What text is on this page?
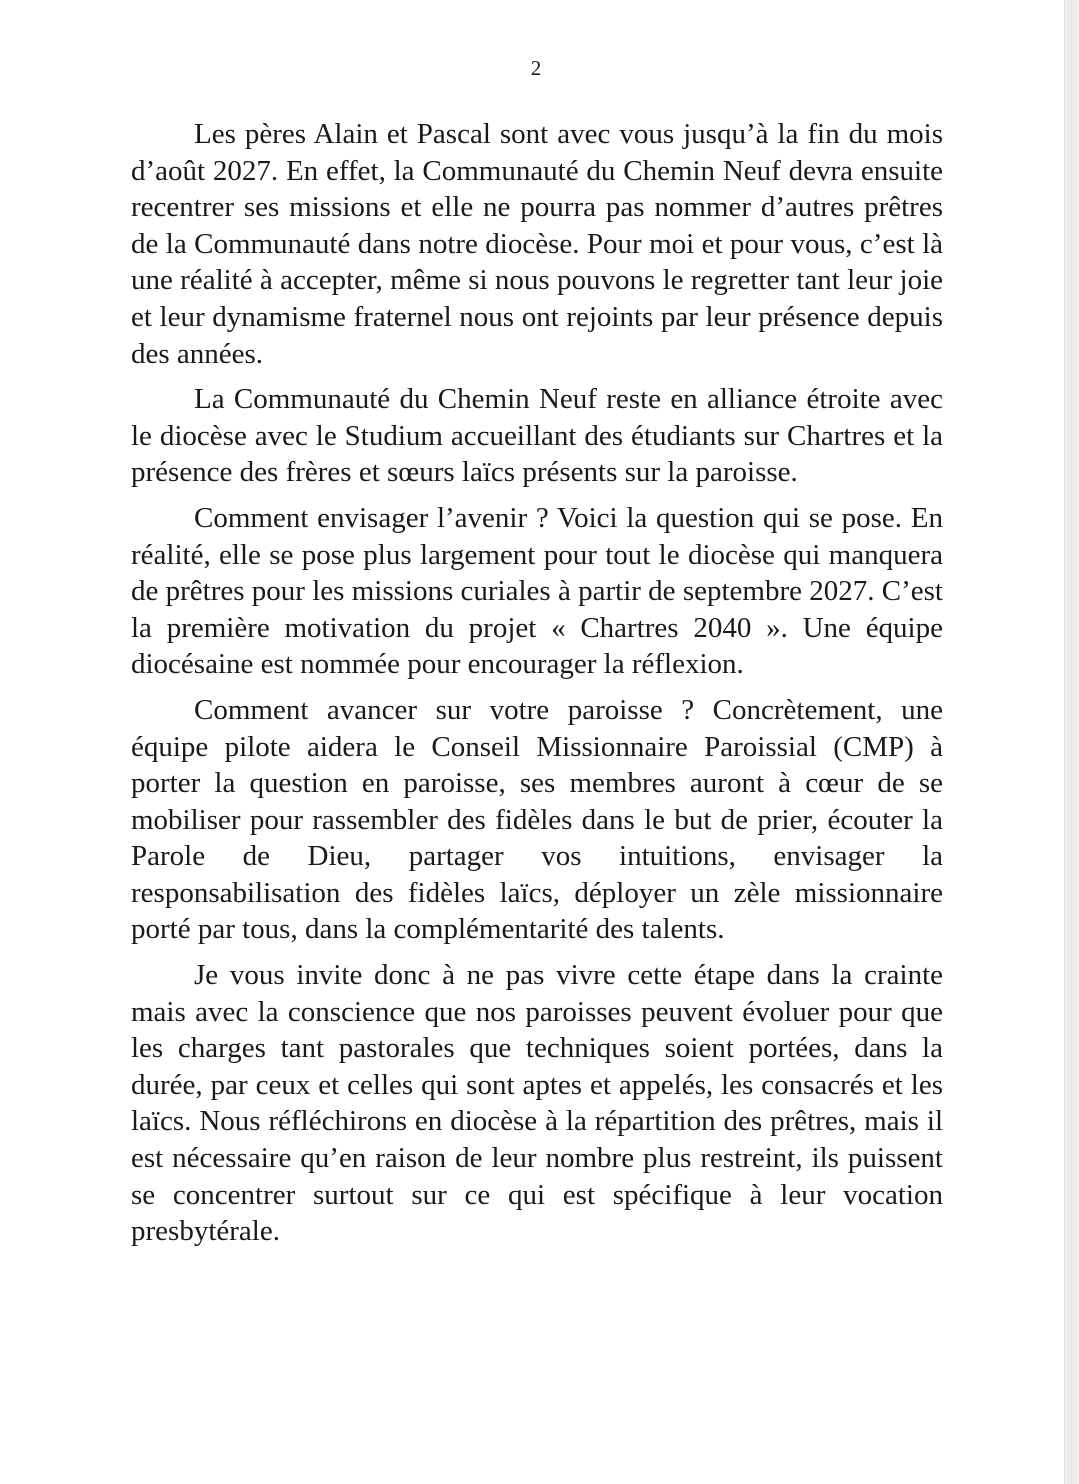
2

Les pères Alain et Pascal sont avec vous jusqu’à la fin du mois d’août 2027. En effet, la Communauté du Chemin Neuf devra ensuite recentrer ses missions et elle ne pourra pas nommer d’autres prêtres de la Communauté dans notre diocèse. Pour moi et pour vous, c’est là une réalité à accepter, même si nous pouvons le regretter tant leur joie et leur dynamisme fraternel nous ont rejoints par leur présence depuis des années.

La Communauté du Chemin Neuf reste en alliance étroite avec le diocèse avec le Studium accueillant des étudiants sur Chartres et la présence des frères et sœurs laïcs présents sur la paroisse.

Comment envisager l’avenir ? Voici la question qui se pose. En réalité, elle se pose plus largement pour tout le diocèse qui manquera de prêtres pour les missions curiales à partir de septembre 2027. C’est la première motivation du projet « Chartres 2040 ». Une équipe diocésaine est nommée pour encourager la réflexion.

Comment avancer sur votre paroisse ? Concrètement, une équipe pilote aidera le Conseil Missionnaire Paroissial (CMP) à porter la question en paroisse, ses membres auront à cœur de se mobiliser pour rassembler des fidèles dans le but de prier, écouter la Parole de Dieu, partager vos intuitions, envisager la responsabilisation des fidèles laïcs, déployer un zèle missionnaire porté par tous, dans la complémentarité des talents.

Je vous invite donc à ne pas vivre cette étape dans la crainte mais avec la conscience que nos paroisses peuvent évoluer pour que les charges tant pastorales que techniques soient portées, dans la durée, par ceux et celles qui sont aptes et appelés, les consacrés et les laïcs. Nous réfléchirons en diocèse à la répartition des prêtres, mais il est nécessaire qu’en raison de leur nombre plus restreint, ils puissent se concentrer surtout sur ce qui est spécifique à leur vocation presbytérale.
